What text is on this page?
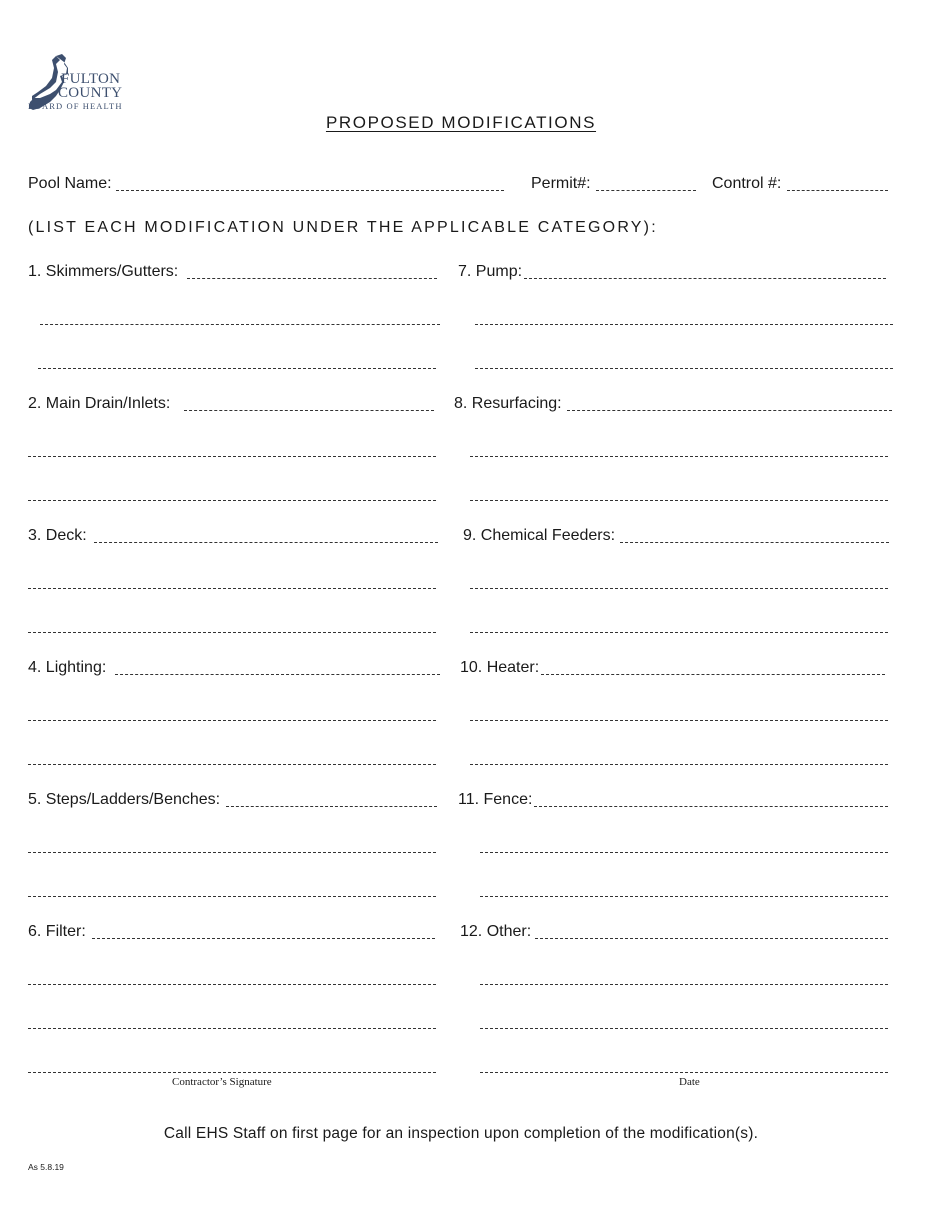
FULTON
COUNTY
BOARD OF HEALTH
PROPOSED MODIFICATIONS
Pool Name:	Permit#:	Control #:
(LIST EACH MODIFICATION UNDER THE APPLICABLE CATEGORY):
1. Skimmers/Gutters:
2. Main Drain/Inlets:
3. Deck:
4. Lighting:
5. Steps/Ladders/Benches:
6. Filter:
Contractor’s Signature
7. Pump:
8. Resurfacing:
9. Chemical Feeders:
10. Heater:
11. Fence:
12. Other:
Date
Call EHS Staff on first page for an inspection upon completion of the modification(s).
As 5.8.19
